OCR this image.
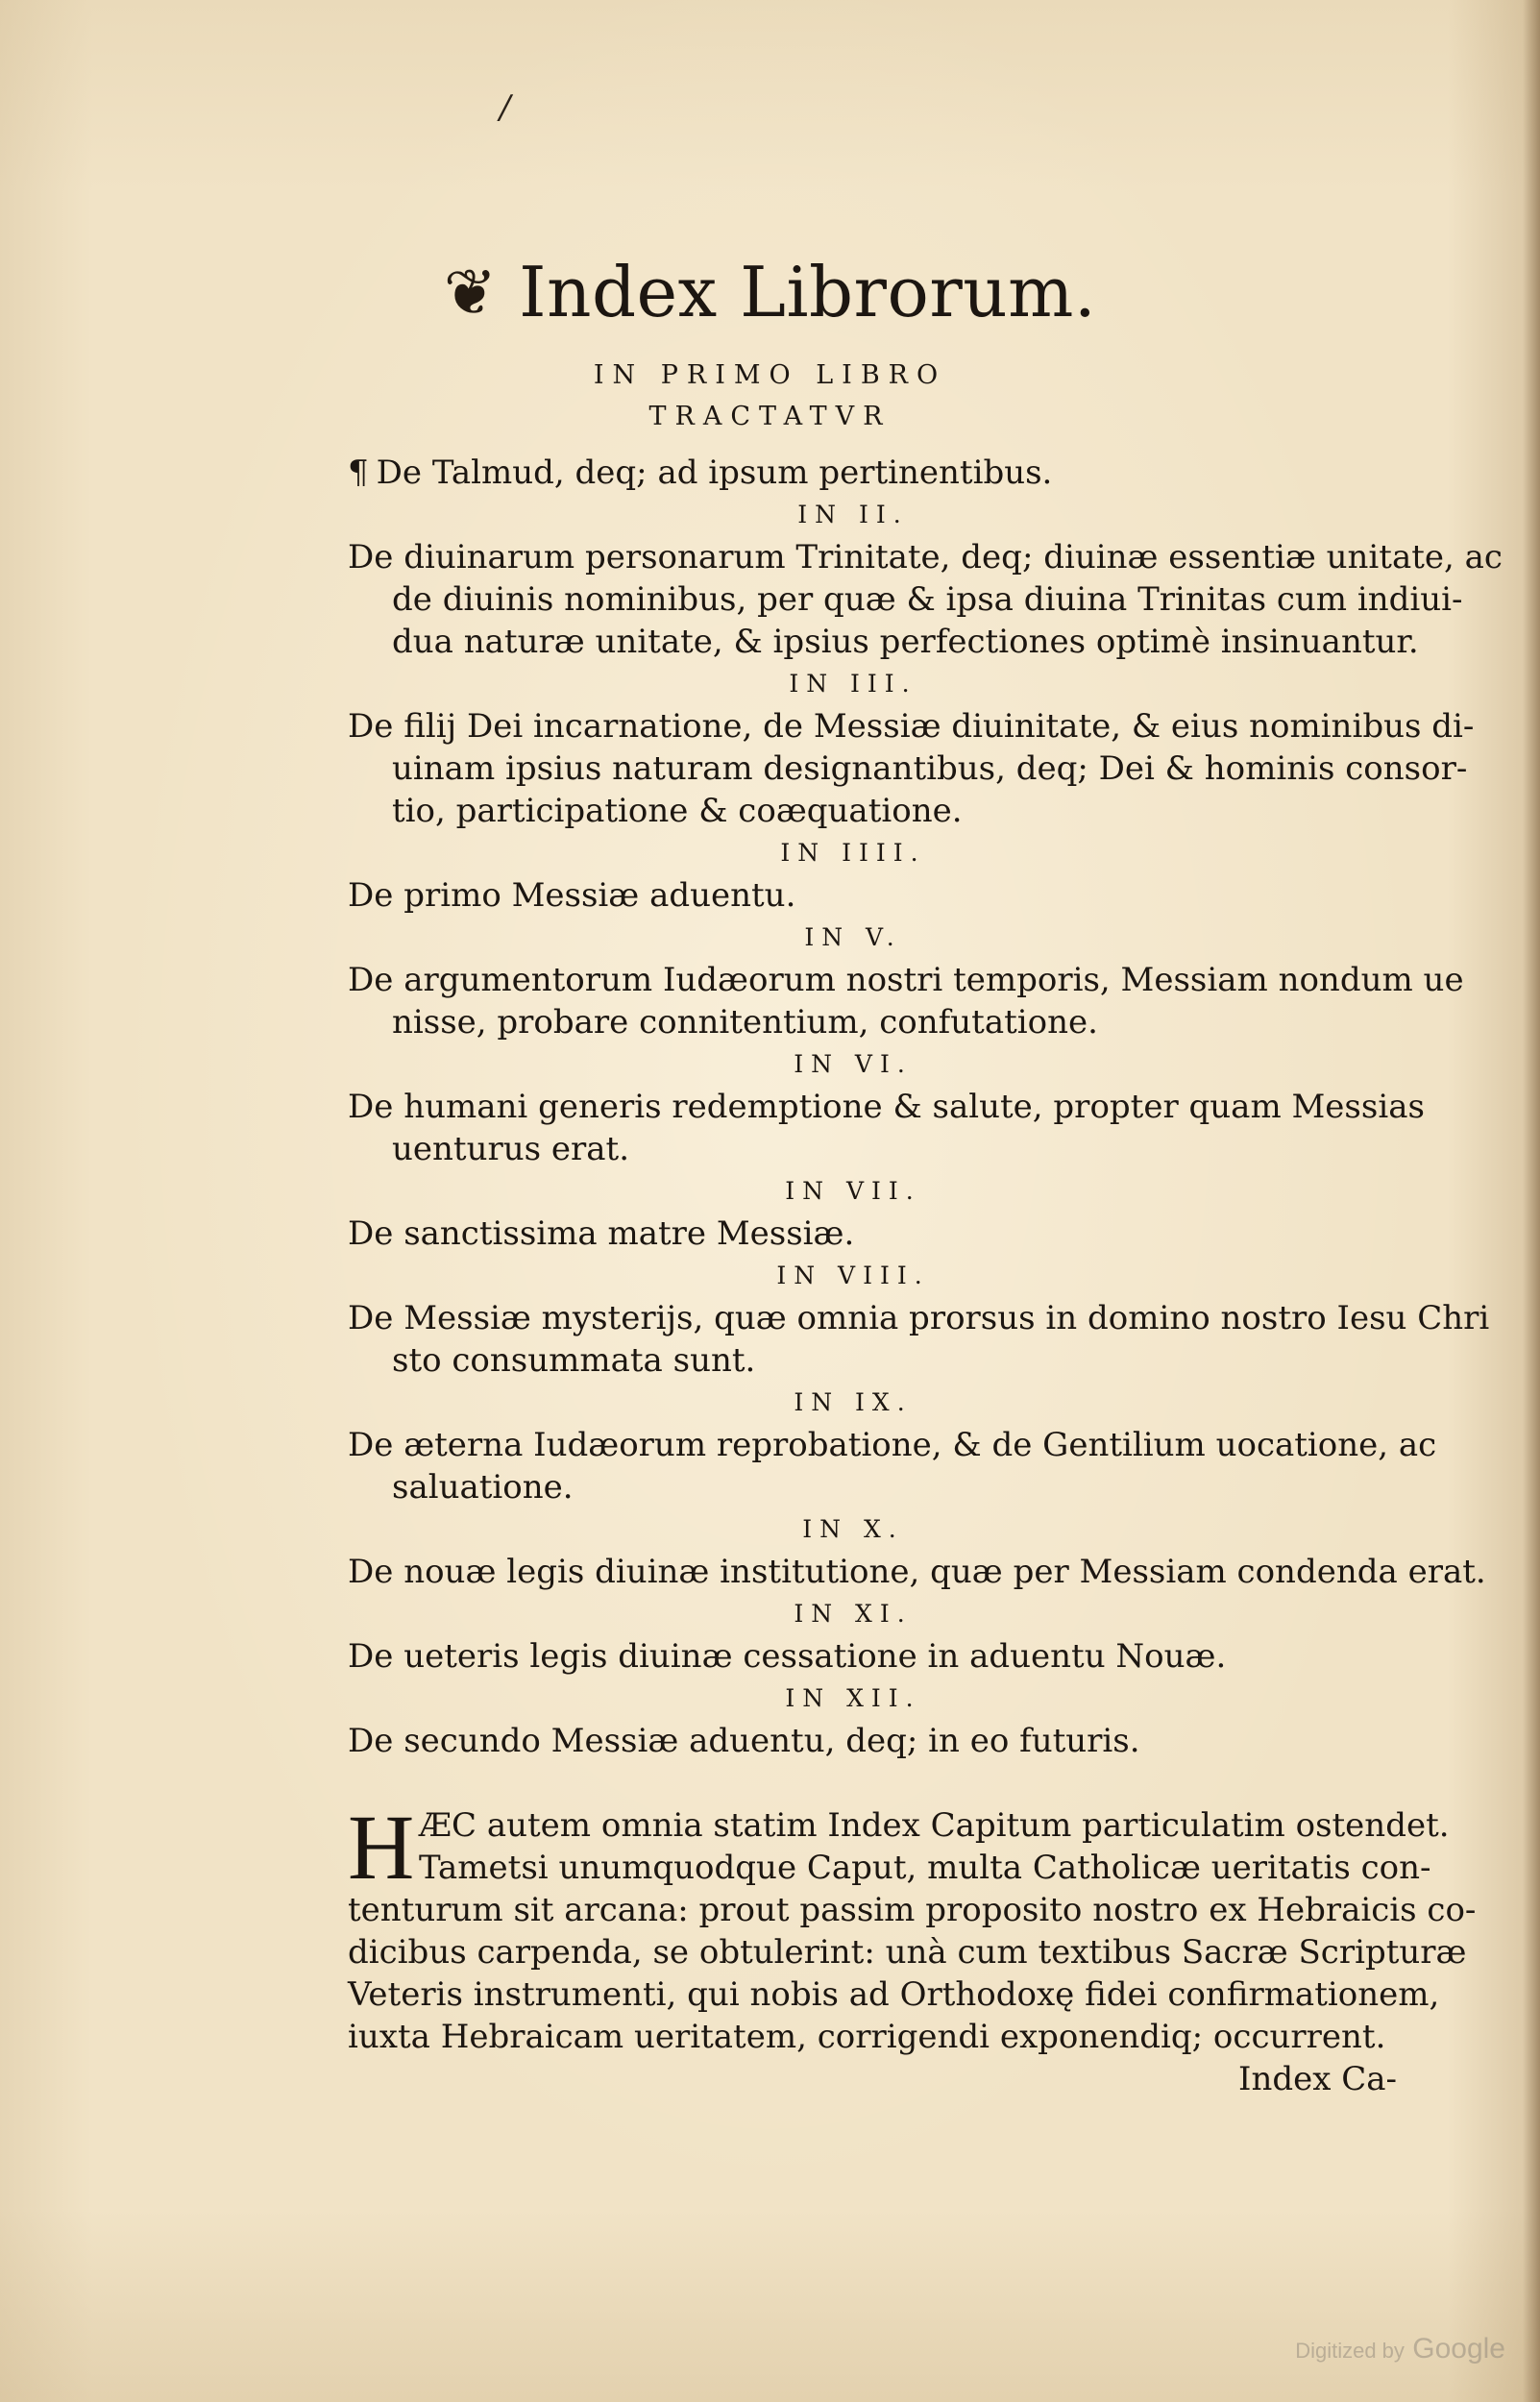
/
❦ Index Librorum.
IN PRIMO LIBRO
TRACTATVR
¶ De Talmud, deq; ad ipsum pertinentibus.
IN II.
De diuinarum personarum Trinitate, deq; diuinæ essentiæ unitate, ac
de diuinis nominibus, per quæ & ipsa diuina Trinitas cum indiui-
dua naturæ unitate, & ipsius perfectiones optimè insinuantur.
IN III.
De filij Dei incarnatione, de Messiæ diuinitate, & eius nominibus di-
uinam ipsius naturam designantibus, deq; Dei & hominis consor-
tio, participatione & coæquatione.
IN IIII.
De primo Messiæ aduentu.
IN V.
De argumentorum Iudæorum nostri temporis, Messiam nondum ue
nisse, probare connitentium, confutatione.
IN VI.
De humani generis redemptione & salute, propter quam Messias
uenturus erat.
IN VII.
De sanctissima matre Messiæ.
IN VIII.
De Messiæ mysterijs, quæ omnia prorsus in domino nostro Iesu Chri
sto consummata sunt.
IN IX.
De æterna Iudæorum reprobatione, & de Gentilium uocatione, ac
saluatione.
IN X.
De nouæ legis diuinæ institutione, quæ per Messiam condenda erat.
IN XI.
De ueteris legis diuinæ cessatione in aduentu Nouæ.
IN XII.
De secundo Messiæ aduentu, deq; in eo futuris.
H ÆC autem omnia statim Index Capitum particulatim ostendet.
Tametsi unumquodque Caput, multa Catholicæ ueritatis con-
tenturum sit arcana: prout passim proposito nostro ex Hebraicis co-
dicibus carpenda, se obtulerint: unà cum textibus Sacræ Scripturæ
Veteris instrumenti, qui nobis ad Orthodoxę fidei confirmationem,
iuxta Hebraicam ueritatem, corrigendi exponendiq; occurrent.
Index Ca-
Digitized by Google
